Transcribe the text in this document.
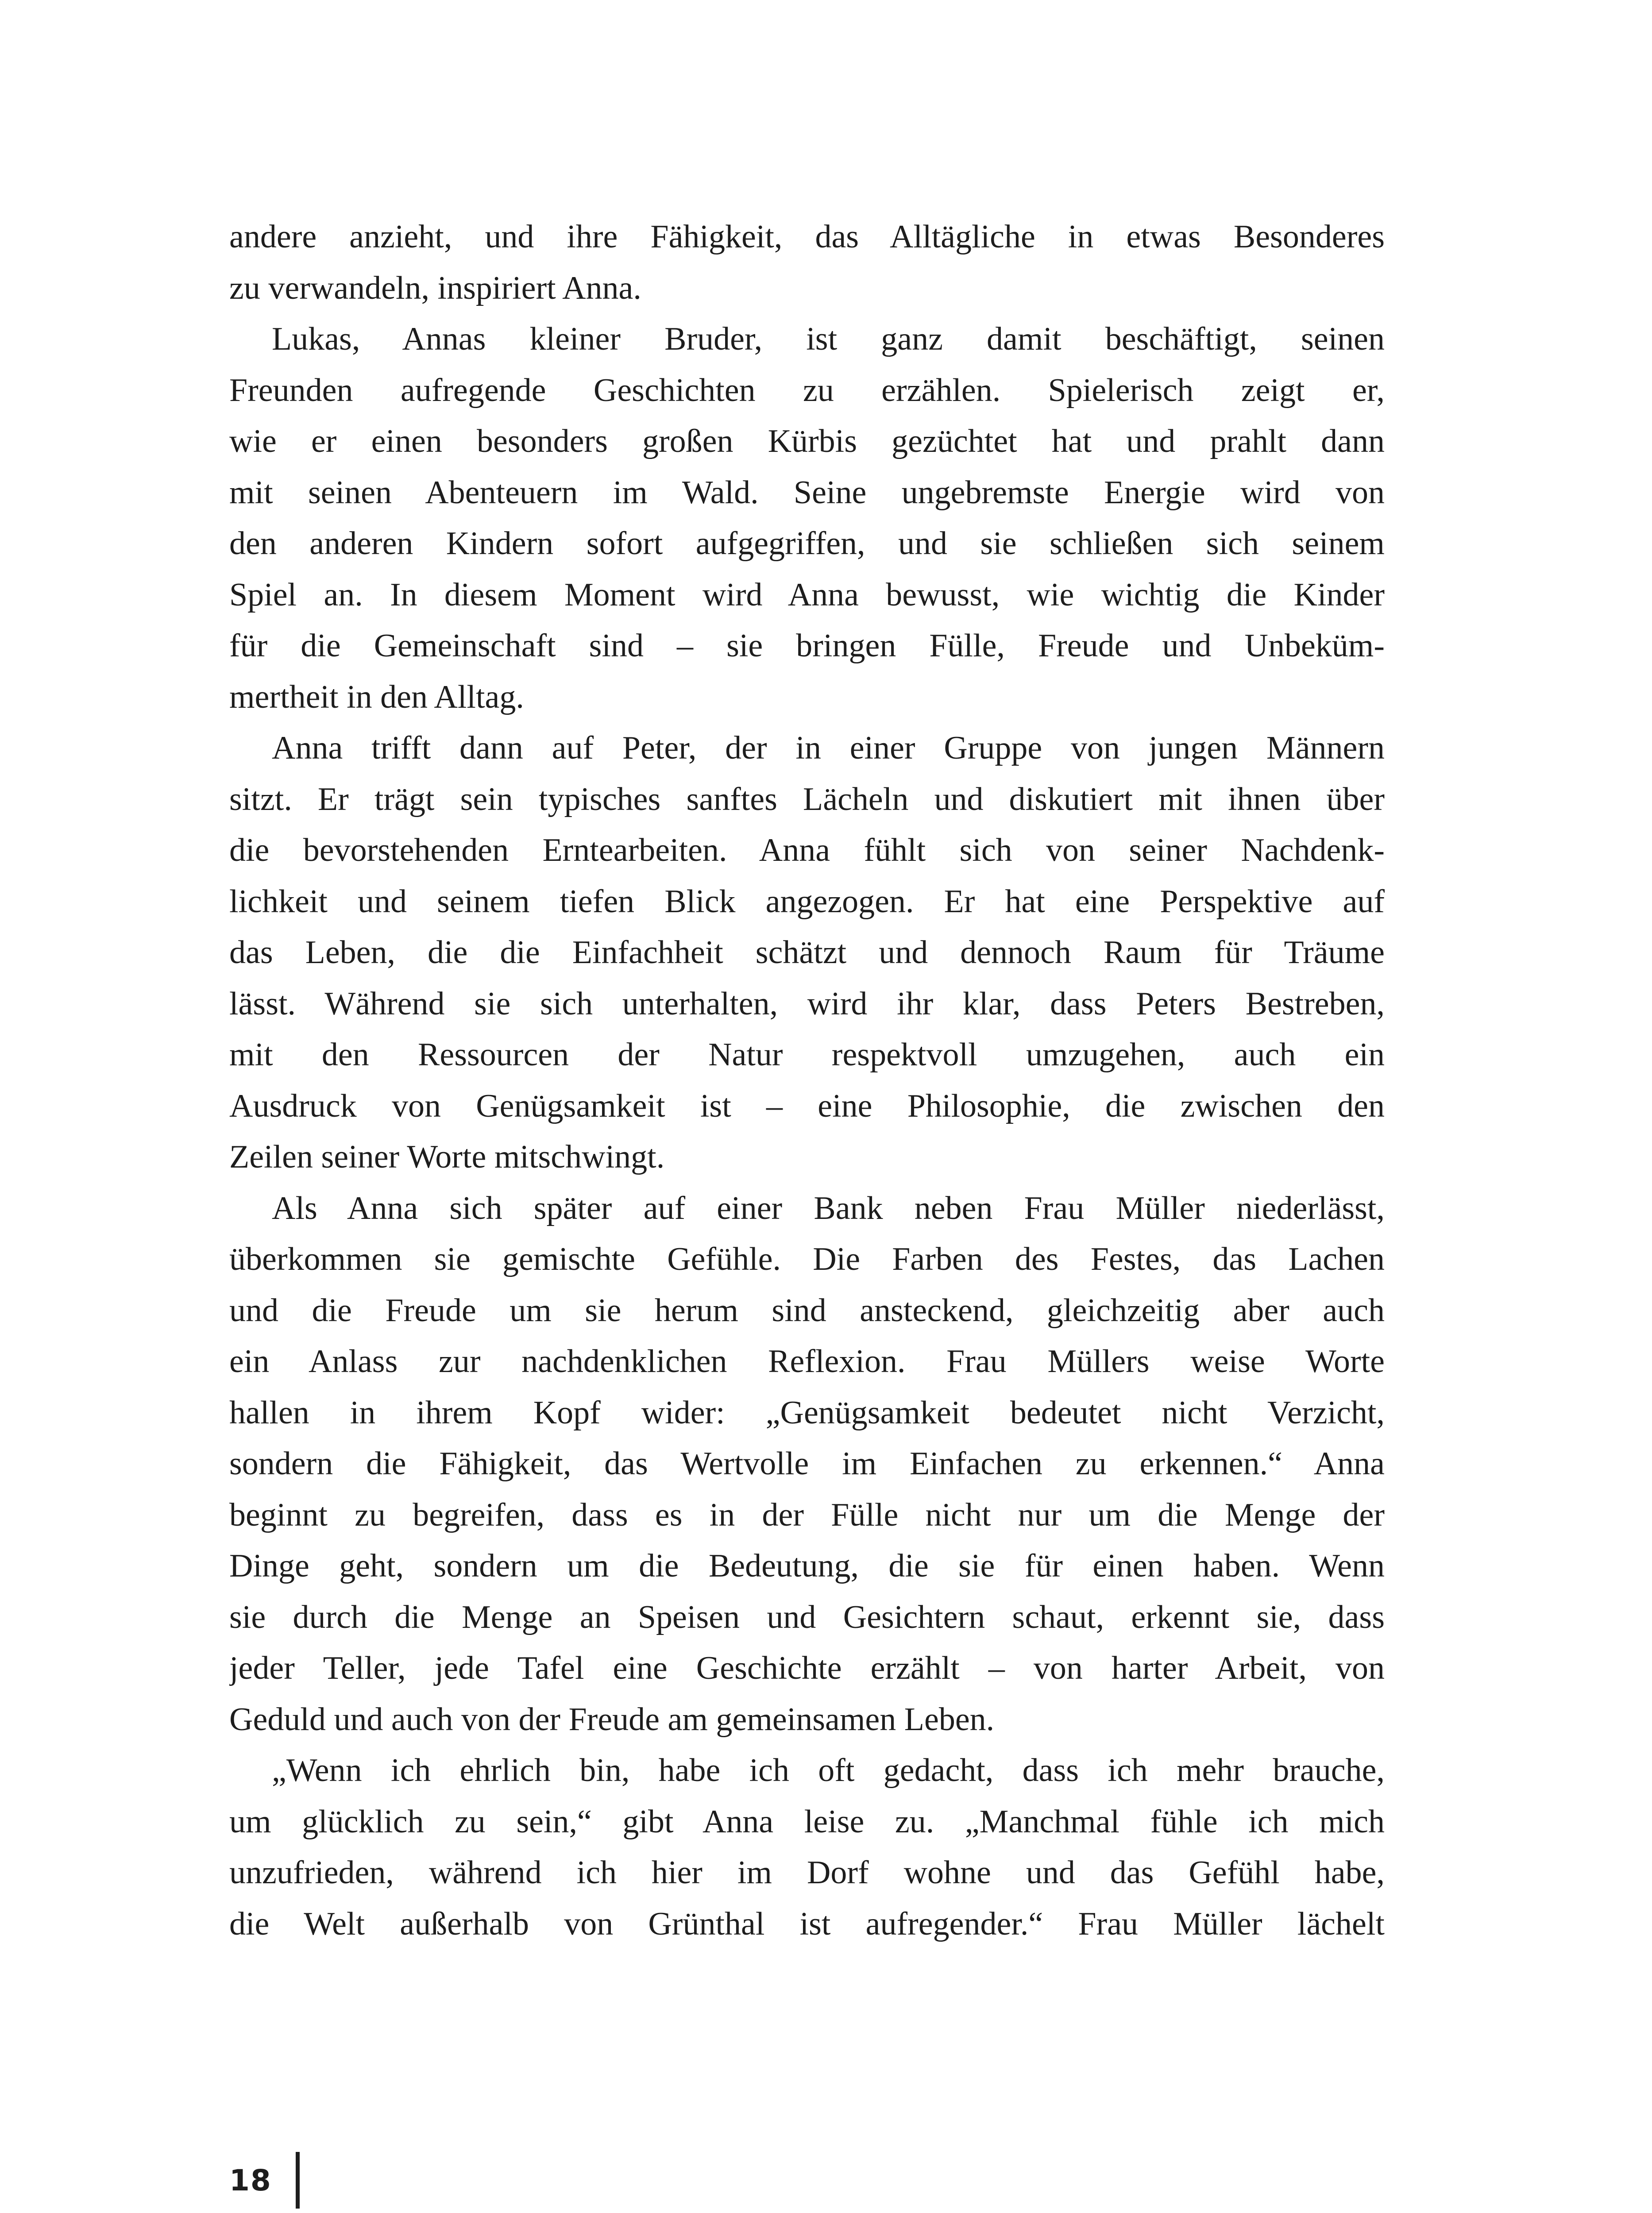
andere anzieht, und ihre Fähigkeit, das Alltägliche in etwas Besonderes
zu verwandeln, inspiriert Anna.
Lukas, Annas kleiner Bruder, ist ganz damit beschäftigt, seinen
Freunden aufregende Geschichten zu erzählen. Spielerisch zeigt er,
wie er einen besonders großen Kürbis gezüchtet hat und prahlt dann
mit seinen Abenteuern im Wald. Seine ungebremste Energie wird von
den anderen Kindern sofort aufgegriffen, und sie schließen sich seinem
Spiel an. In diesem Moment wird Anna bewusst, wie wichtig die Kinder
für die Gemeinschaft sind – sie bringen Fülle, Freude und Unbeküm-
mertheit in den Alltag.
Anna trifft dann auf Peter, der in einer Gruppe von jungen Männern
sitzt. Er trägt sein typisches sanftes Lächeln und diskutiert mit ihnen über
die bevorstehenden Erntearbeiten. Anna fühlt sich von seiner Nachdenk-
lichkeit und seinem tiefen Blick angezogen. Er hat eine Perspektive auf
das Leben, die die Einfachheit schätzt und dennoch Raum für Träume
lässt. Während sie sich unterhalten, wird ihr klar, dass Peters Bestreben,
mit den Ressourcen der Natur respektvoll umzugehen, auch ein
Ausdruck von Genügsamkeit ist – eine Philosophie, die zwischen den
Zeilen seiner Worte mitschwingt.
Als Anna sich später auf einer Bank neben Frau Müller niederlässt,
überkommen sie gemischte Gefühle. Die Farben des Festes, das Lachen
und die Freude um sie herum sind ansteckend, gleichzeitig aber auch
ein Anlass zur nachdenklichen Reflexion. Frau Müllers weise Worte
hallen in ihrem Kopf wider: „Genügsamkeit bedeutet nicht Verzicht,
sondern die Fähigkeit, das Wertvolle im Einfachen zu erkennen.“ Anna
beginnt zu begreifen, dass es in der Fülle nicht nur um die Menge der
Dinge geht, sondern um die Bedeutung, die sie für einen haben. Wenn
sie durch die Menge an Speisen und Gesichtern schaut, erkennt sie, dass
jeder Teller, jede Tafel eine Geschichte erzählt – von harter Arbeit, von
Geduld und auch von der Freude am gemeinsamen Leben.
„Wenn ich ehrlich bin, habe ich oft gedacht, dass ich mehr brauche,
um glücklich zu sein,“ gibt Anna leise zu. „Manchmal fühle ich mich
unzufrieden, während ich hier im Dorf wohne und das Gefühl habe,
die Welt außerhalb von Grünthal ist aufregender.“ Frau Müller lächelt
18
